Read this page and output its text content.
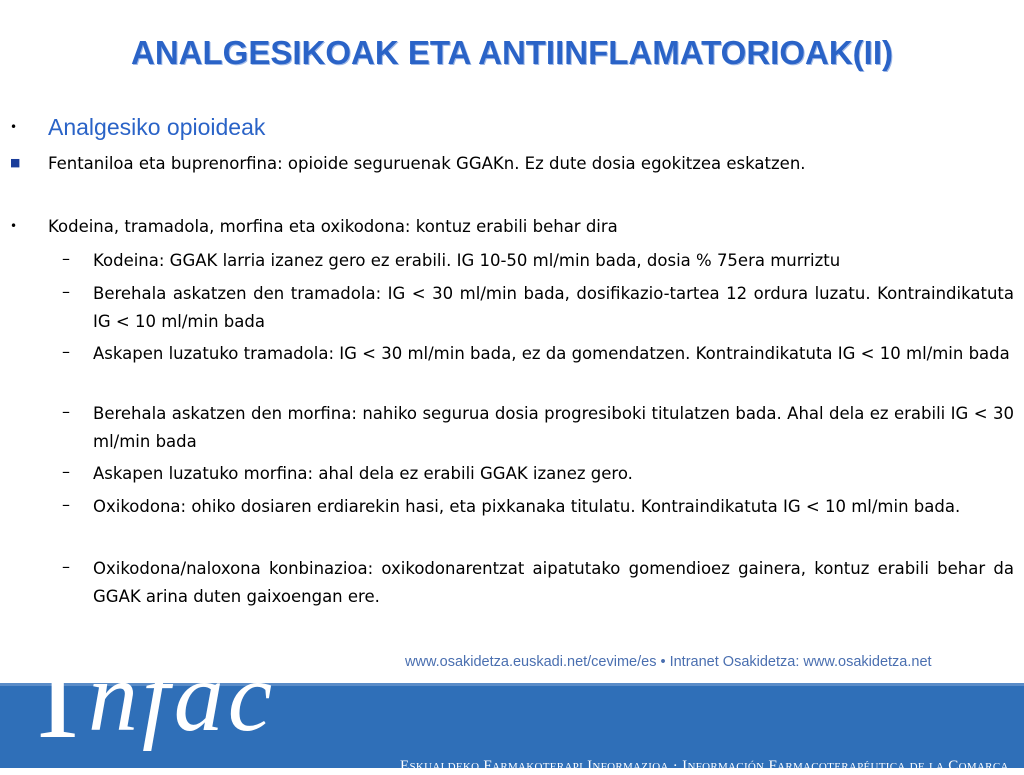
ANALGESIKOAK ETA ANTIINFLAMATORIOAK(II)
• Analgesiko opioideak
■ Fentaniloa eta buprenorfina: opioide seguruenak GGAKn. Ez dute dosia egokitzea eskatzen.
• Kodeina, tramadola, morfina eta oxikodona: kontuz erabili behar dira
– Kodeina: GGAK larria izanez gero ez erabili. IG 10-50 ml/min bada, dosia % 75era murriztu
– Berehala askatzen den tramadola: IG < 30 ml/min bada, dosifikazio-tartea 12 ordura luzatu. Kontraindikatuta IG < 10 ml/min bada
– Askapen luzatuko tramadola: IG < 30 ml/min bada, ez da gomendatzen. Kontraindikatuta IG < 10 ml/min bada
– Berehala askatzen den morfina: nahiko segurua dosia progresiboki titulatzen bada. Ahal dela ez erabili IG < 30 ml/min bada
– Askapen luzatuko morfina: ahal dela ez erabili GGAK izanez gero.
– Oxikodona: ohiko dosiaren erdiarekin hasi, eta pixkanaka titulatu. Kontraindikatuta IG < 10 ml/min bada.
– Oxikodona/naloxona konbinazioa: oxikodonarentzat aipatutako gomendioez gainera, kontuz erabili behar da GGAK arina duten gaixoengan ere.
www.osakidetza.euskadi.net/cevime/es • Intranet Osakidetza: www.osakidetza.net
Eskualdeko Farmakoterapi Informazioa · Información Farmacoterapéutica de la Comarca
I nfac
